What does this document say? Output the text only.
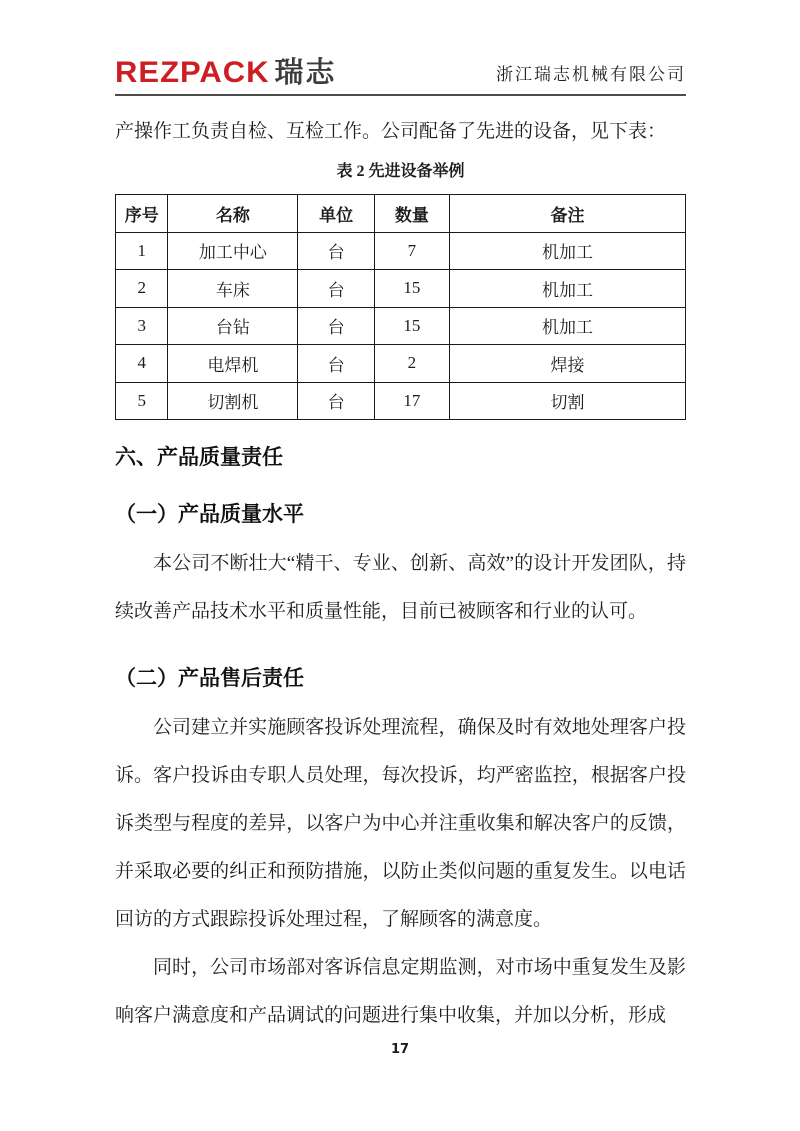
REZPACK 瑞志	浙江瑞志机械有限公司

产操作工负责自检、互检工作。公司配备了先进的设备，见下表：

表 2 先进设备举例
序号	名称	单位	数量	备注
1	加工中心	台	7	机加工
2	车床	台	15	机加工
3	台钻	台	15	机加工
4	电焊机	台	2	焊接
5	切割机	台	17	切割
六、产品质量责任
（一）产品质量水平

本公司不断壮大“精干、专业、创新、高效”的设计开发团队，持续改善产品技术水平和质量性能，目前已被顾客和行业的认可。

（二）产品售后责任

公司建立并实施顾客投诉处理流程，确保及时有效地处理客户投诉。客户投诉由专职人员处理，每次投诉，均严密监控，根据客户投诉类型与程度的差异，以客户为中心并注重收集和解决客户的反馈，并采取必要的纠正和预防措施，以防止类似问题的重复发生。以电话回访的方式跟踪投诉处理过程，了解顾客的满意度。

同时，公司市场部对客诉信息定期监测，对市场中重复发生及影响客户满意度和产品调试的问题进行集中收集，并加以分析，形成

17
